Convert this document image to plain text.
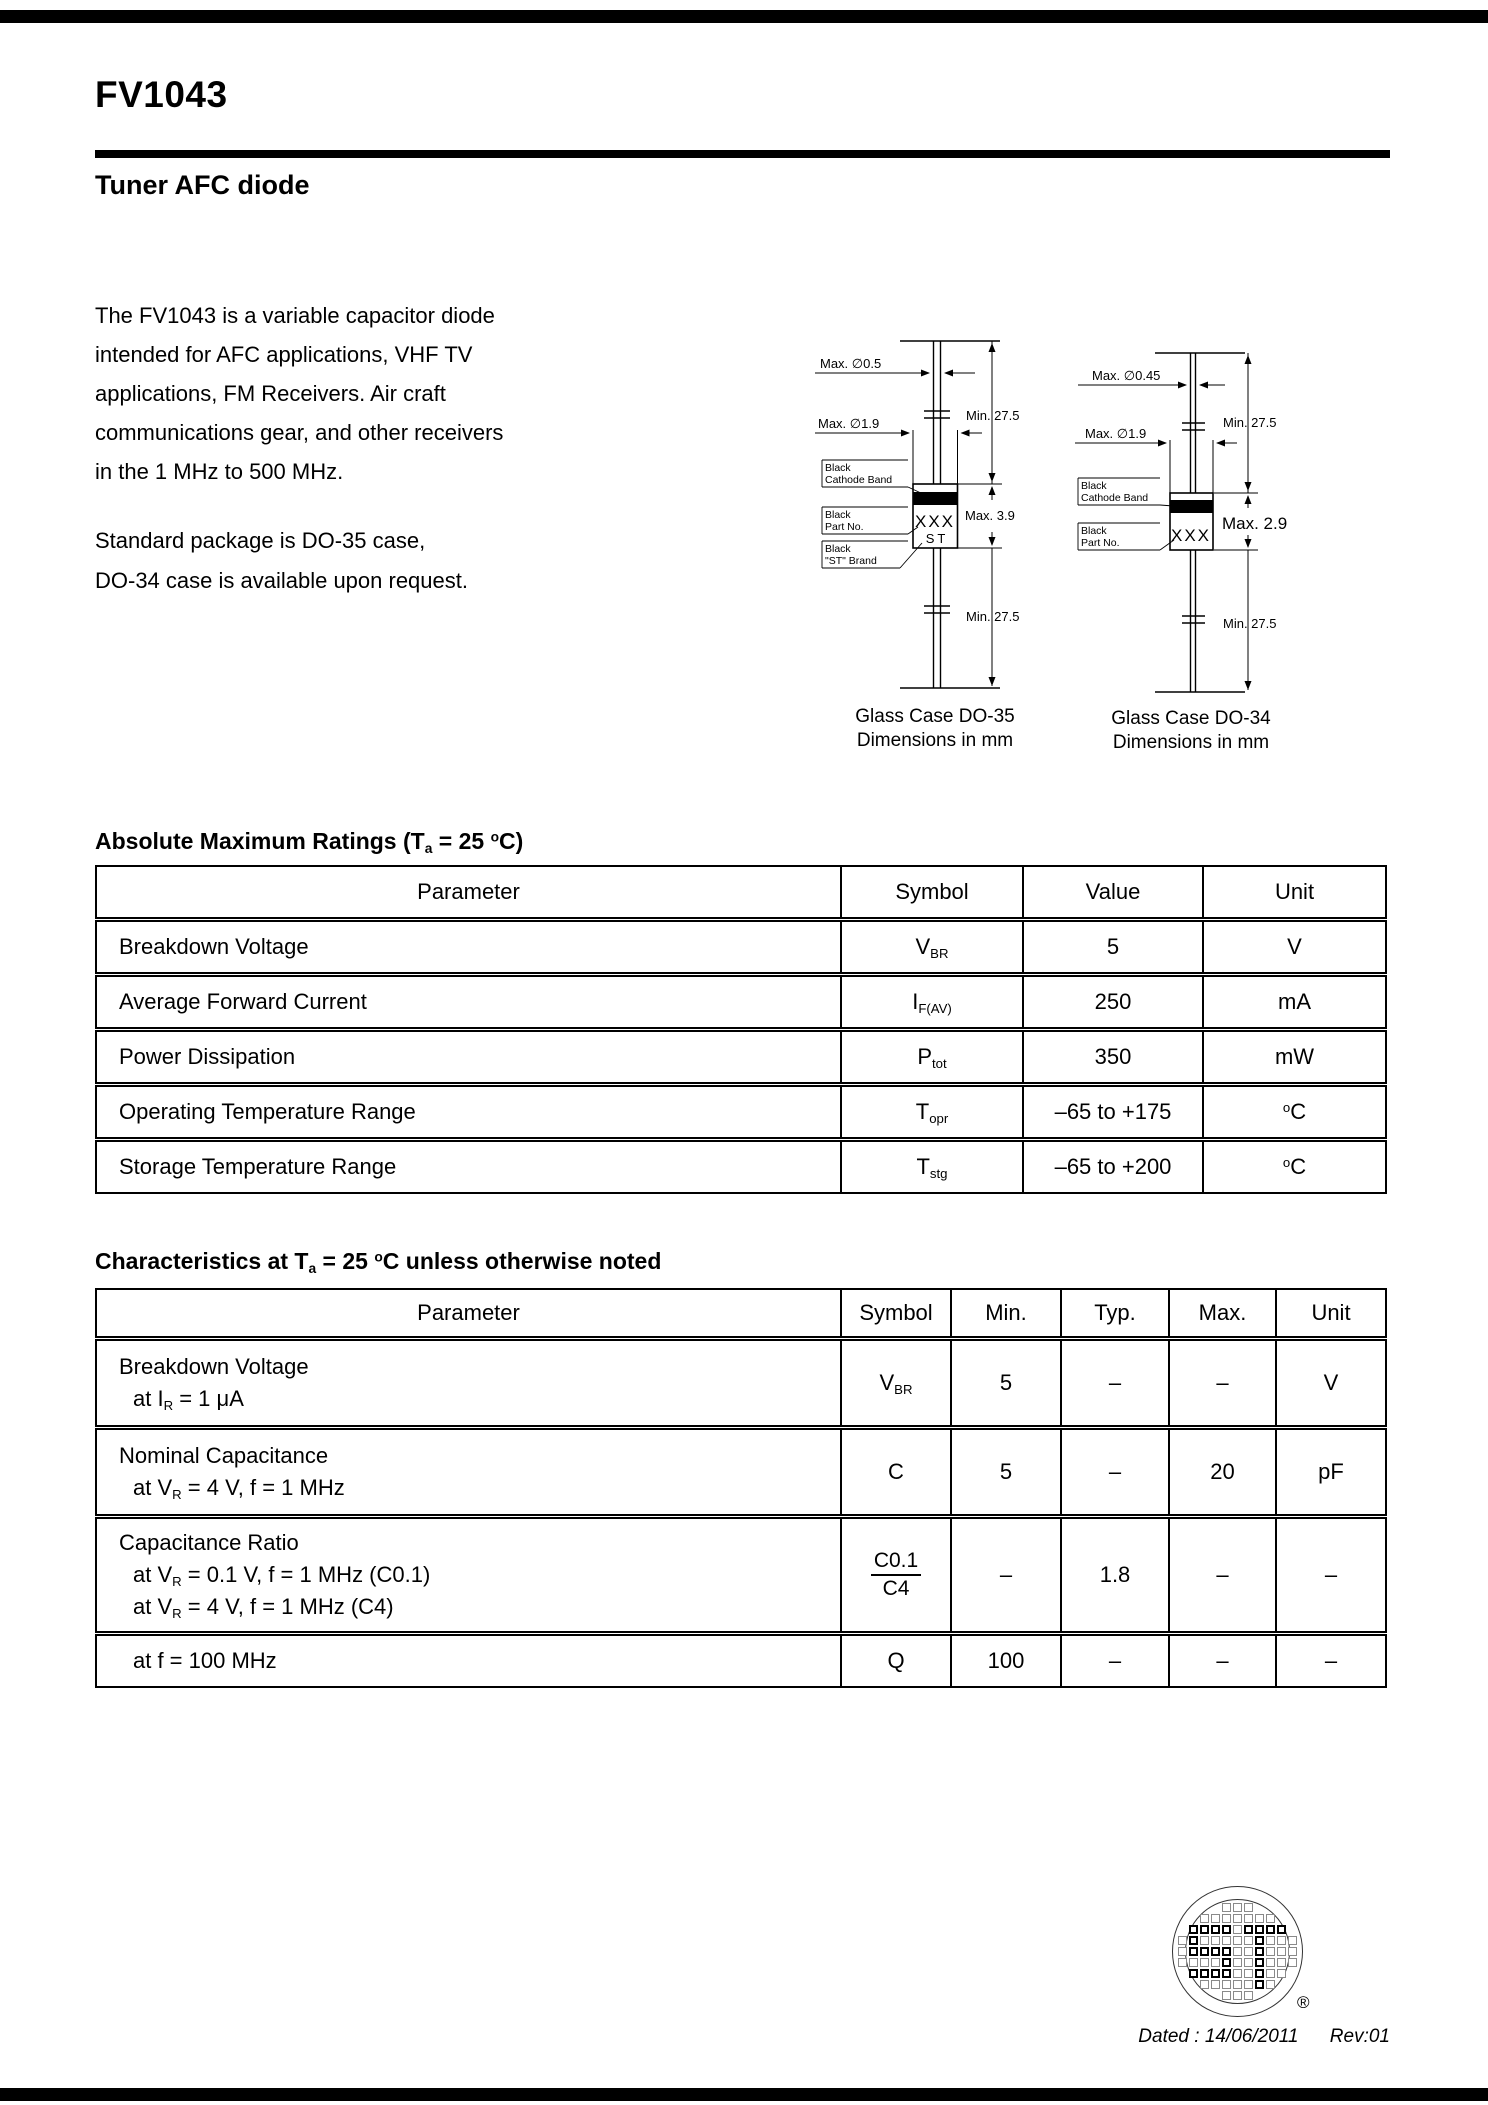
FV1043
Tuner AFC diode
The FV1043 is a variable capacitor diode
intended for AFC applications, VHF TV
applications, FM Receivers. Air craft
communications gear, and other receivers
in the 1 MHz to 500 MHz.
Standard package is DO-35 case,
DO-34 case is available upon request.
Max. ∅0.5
Min. 27.5
Max. ∅1.9
Max. 3.9
Min. 27.5
Black
Cathode Band
Black
Part No.
Black
"ST" Brand
XXX
ST
Glass Case DO-35
Dimensions in mm
Max. ∅0.45
Min. 27.5
Max. ∅1.9
Max. 2.9
Min. 27.5
Black
Cathode Band
Black
Part No.	XXX
Glass Case DO-34
Dimensions in mm
Absolute Maximum Ratings ($T_a = 25$ $^o$C)
Parameter	Symbol	Value	Unit
Breakdown Voltage	$V_{BR}$	5	V
Average Forward Current	$I_{F(AV)}$	250	mA
Power Dissipation	$P_{tot}$	350	mW
Operating Temperature Range	$T_{opr}$	–65 to +175	$^o$C
Storage Temperature Range	$T_{stg}$	–65 to +200	$^o$C
Characteristics at $T_a = 25$ $^o$C unless otherwise noted
Parameter	Symbol	Min.	Typ.	Max.	Unit

Breakdown Voltage
at $I_R = 1$ μA	$V_{BR}$	5	–	–	V

Nominal Capacitance
at $V_R = 4$ V, f = 1 MHz	C	5	–	20	pF

Capacitance Ratio
at $V_R = 0.1$ V, f = 1 MHz (C0.1)
at $V_R = 4$ V, f = 1 MHz (C4)

$\frac{C0.1}{C4}$	–	1.8	–	–

at f = 100 MHz	Q	100	–	–	–
®
Dated : 14/06/2011 Rev:01
